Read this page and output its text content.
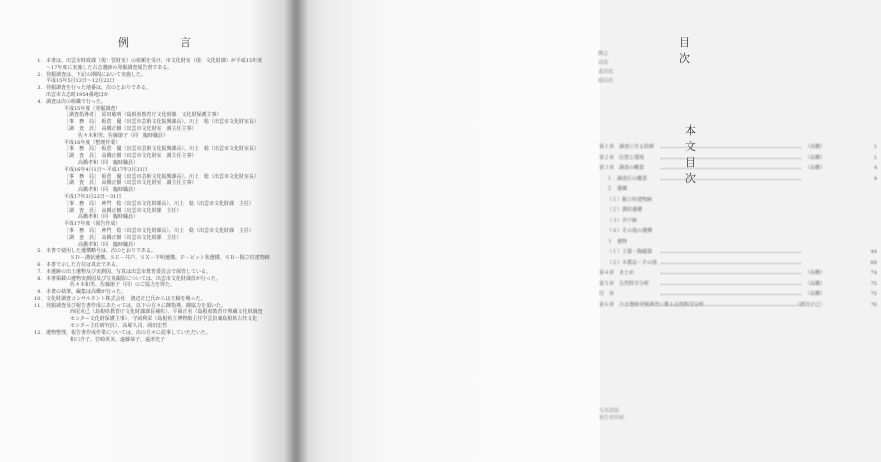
例　言
1. 本書は、出雲市財政課（現：管財室）の依頼を受け、市文化財室（現：文化財課）が平成15年度
〜17年度に実施した古志遺跡の発掘調査報告書である。
2. 発掘調査は、下記の期間において実施した。
平成15年5月12日〜12月22日
3. 発掘調査を行った地番は、次のとおりである。
出雲市古志町1954番地ほか
4. 調査は次の組織で行った。
平成15年度（発掘調査）
［調査指導者］　原田敏明（島根県教育庁文化財課　文化財保護主事）
［事　務　局］　板倉　優（出雲市芸術文化振興課長）、川上　稔（出雲市文化財室長）
［調　査　員］　高橋正樹（出雲市文化財室　調主任主事）
佐々木和男、佐藤節子（同　臨時職員）
平成16年度（整理作業）
［事　務　局］　板倉　優（出雲市芸術文化振興課長）、川上　稔（出雲市文化財室長）
［調　査　員］　高橋正樹（出雲市文化財室　調主任主事）
高橋孝和（同　臨時職員）
平成16年4月1日〜平成17年3月31日
［事　務　局］　板倉　優（出雲市芸術文化振興課長）、川上　稔（出雲市文化財室長）
［調　査　員］　高橋正樹（出雲市文化財室　調主任主事）
高橋孝和（同　臨時職員）
平成17年3月22日〜31日
［事　務　局］　神門　稔（出雲市文化財課長）、川上　稔（出雲市文化財課　主任）
［調　査　員］　高橋正樹（出雲市文化財課　主任）
高橋孝和（同　臨時職員）
平成17年度（報告作成）
［事　務　局］　神門　稔（出雲市文化財課長）、川上　稔（出雲市文化財課　主任）
［調　査　員］　高橋正樹（出雲市文化財課　主任）
高橋孝和（同　臨時職員）
5. 本書で使用した遺構略号は、次のとおりである。
ＳＤ－溝状遺構、ＳＥ－井戸、ＳＸ－不明遺構、Ｐ－ピット状遺構、ＳＢ－掘立柱建物跡
6. 本書で示した方位は真北である。
7. 本遺跡の出土遺物及び実測図、写真は出雲市教育委員会で保管している。
8. 本書掲載の遺物実測図及び写真撮影については、出雲市文化財課員が行った。
佐々木和男、佐藤節子（同）のご協力を得た。
9. 本書の執筆、編集は高橋が行った。
10. 文化財調査コンサルタント株式会社　渡辺正巳氏からは玉稿を賜った。
11. 発掘調査及び報告書作成にあたっては、以下の方々に御指導、御協力を頂いた。
西尾克己（島根県教育庁文化財課課長補佐）、平岡正名（島根県教育庁埋蔵文化財調査
センター文化財保護主事）、守岡利栄（島根県立博物館主任学芸員兼島根県古代文化
センター主任研究員）、高塚久司、岡田宏哲
12. 遺物整理、報告書作成作業については、次の方々に従事していただいた。
和口介子、岩崎英美、遠藤恭子、遠津光子
目　次
例言
目次
表目次
図目次
本 文 目 次
第１章　調査に至る経緯	（高橋）	1
第２章　位置と環境	（高橋）	1
第３章　調査の概要	（高橋）	4
１　調査区の概要	4
２　遺構
（１）掘立柱建物跡
（２）溝状遺構
（３）井戸跡
（４）その他の遺構
３　遺物
（１）土器・陶磁器	44
（２）木製品・その他	68
第４章　まとめ	（高橋）	74
第５章　自然科学分析	（高橋）	75
付　章	（高橋）	75
第６章　古志遺跡発掘調査に係る自然科学分析	（渡辺正巳）	76
写真図版
報告書抄録
